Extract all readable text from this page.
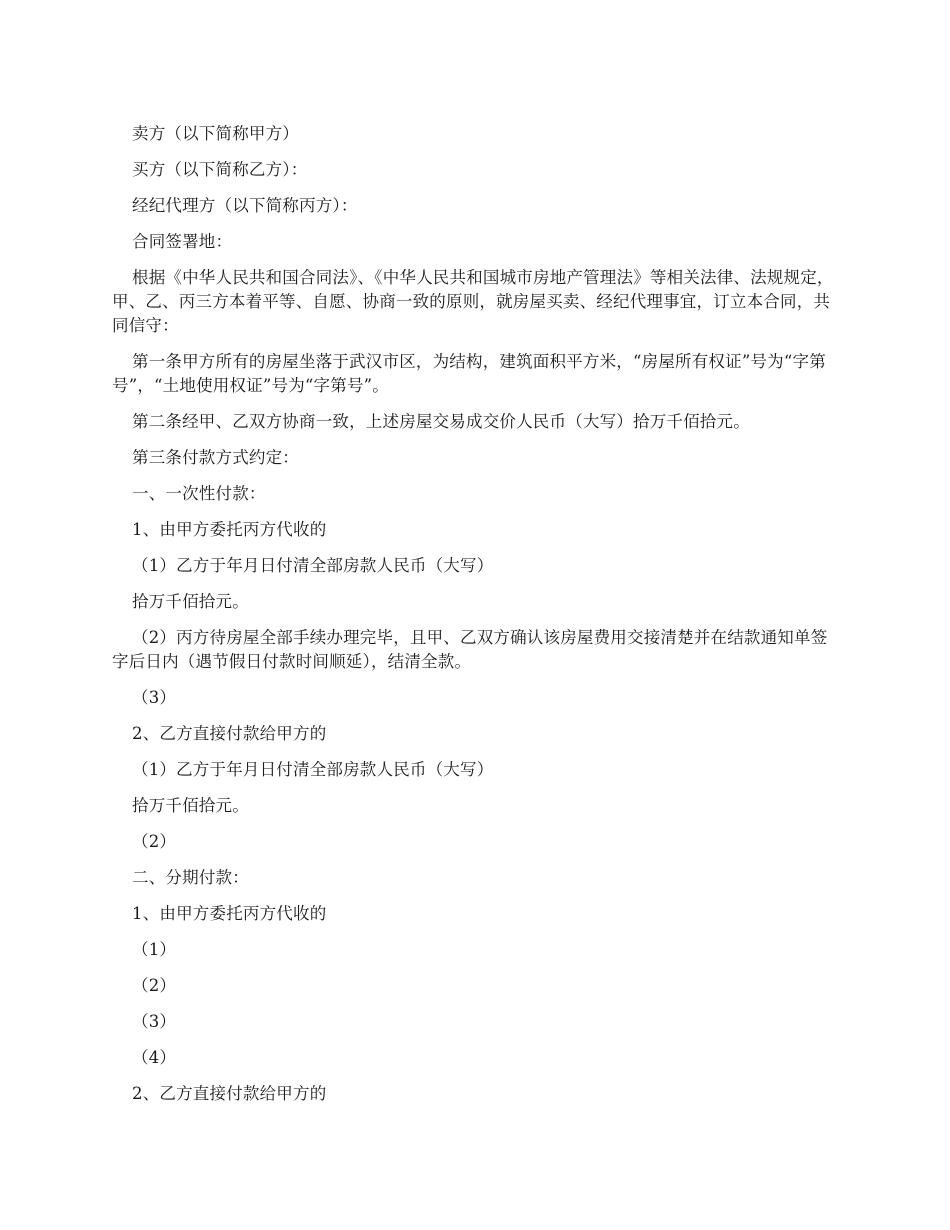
卖方（以下简称甲方）

买方（以下简称乙方）：

经纪代理方（以下简称丙方）：

合同签署地：

根据《中华人民共和国合同法》、《中华人民共和国城市房地产管理法》等相关法律、法规规定，甲、乙、丙三方本着平等、自愿、协商一致的原则，就房屋买卖、经纪代理事宜，订立本合同，共同信守：

第一条甲方所有的房屋坐落于武汉市区，为结构，建筑面积平方米，“房屋所有权证”号为“字第号”，“土地使用权证”号为“字第号”。

第二条经甲、乙双方协商一致，上述房屋交易成交价人民币（大写）拾万千佰拾元。

第三条付款方式约定：

一、一次性付款：

1、由甲方委托丙方代收的

（1）乙方于年月日付清全部房款人民币（大写）

拾万千佰拾元。

（2）丙方待房屋全部手续办理完毕，且甲、乙双方确认该房屋费用交接清楚并在结款通知单签字后日内（遇节假日付款时间顺延），结清全款。

（3）

2、乙方直接付款给甲方的

（1）乙方于年月日付清全部房款人民币（大写）

拾万千佰拾元。

（2）

二、分期付款：

1、由甲方委托丙方代收的

（1）

（2）

（3）

（4）

2、乙方直接付款给甲方的
